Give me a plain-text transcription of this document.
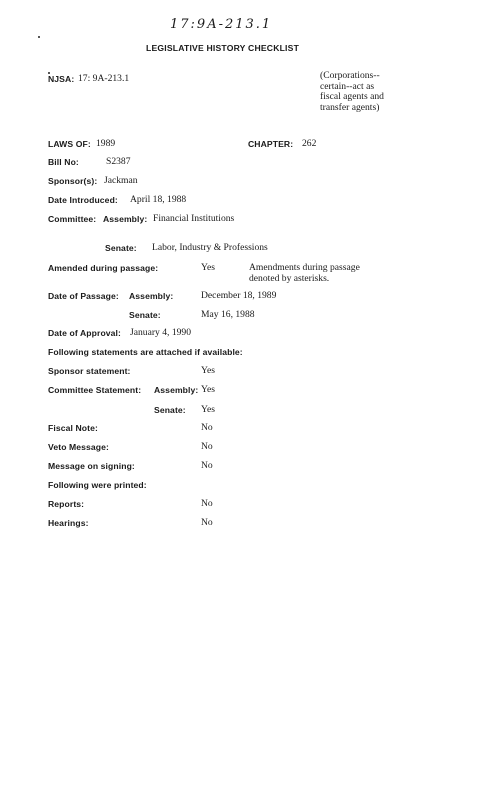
17:9A-213.1
LEGISLATIVE HISTORY CHECKLIST
NJSA: 17: 9A-213.1	(Corporations--
certain--act as
fiscal agents and
transfer agents)
LAWS OF: 1989	CHAPTER: 262
Bill No:	S2387
Sponsor(s): Jackman
Date Introduced: April 18, 1988
Committee: Assembly: Financial Institutions
Senate: Labor, Industry & Professions
Amended during passage:	Yes	Amendments during passage
denoted by asterisks.
Date of Passage: Assembly:	December 18, 1989
Senate:	May 16, 1988
Date of Approval: January 4, 1990
Following statements are attached if available:
Sponsor statement:	Yes
Committee Statement: Assembly: Yes
Senate: Yes
Fiscal Note:	No
Veto Message:	No
Message on signing:	No
Following were printed:
Reports:	No
Hearings:	No
